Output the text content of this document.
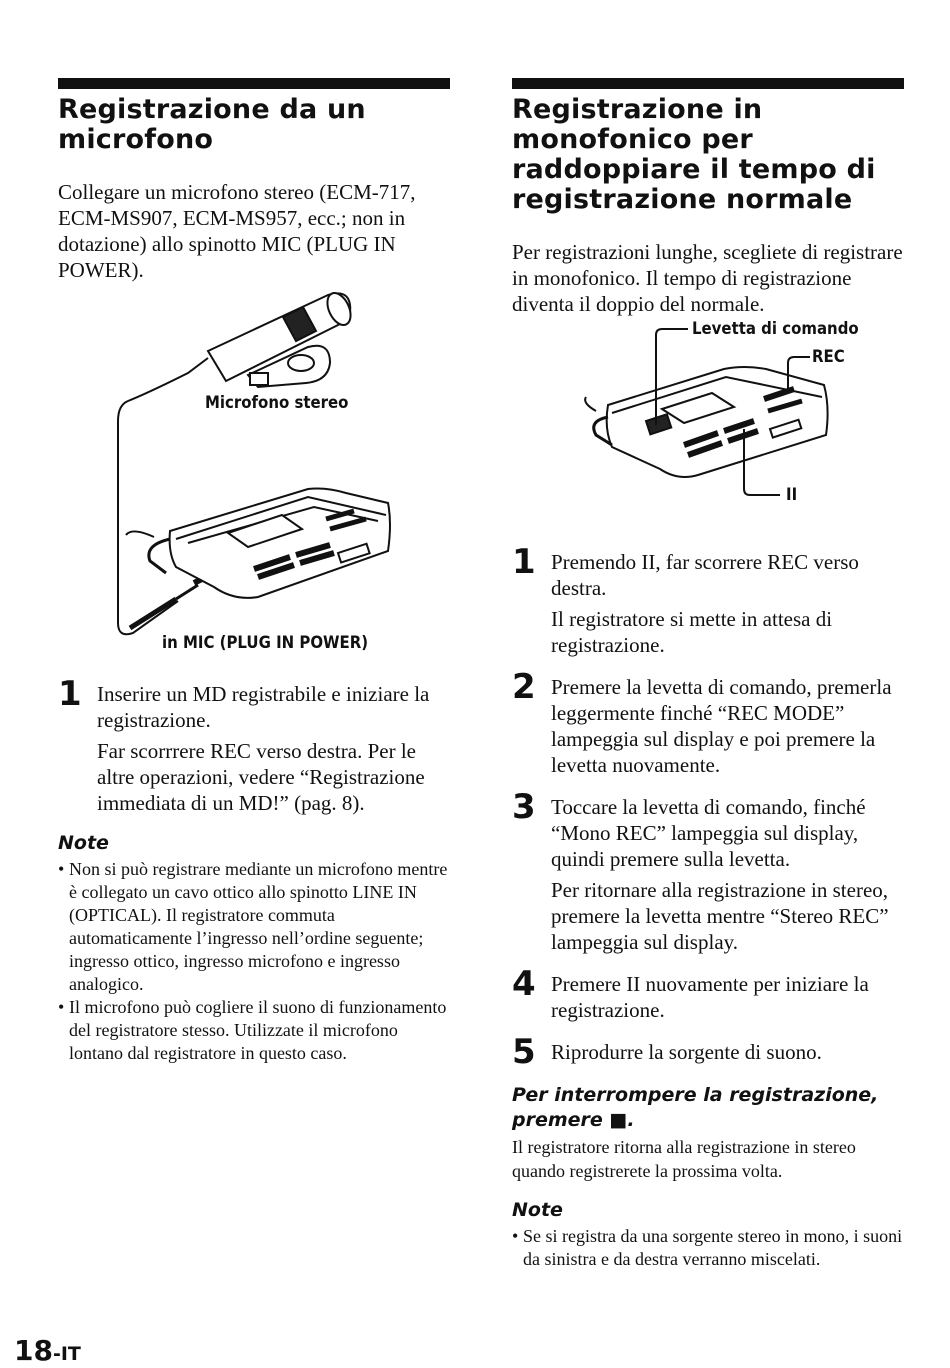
Registrazione da un microfono

Collegare un microfono stereo (ECM-717, ECM-MS907, ECM-MS957, ecc.; non in dotazione) allo spinotto MIC (PLUG IN POWER).

Microfono stereo
in MIC (PLUG IN POWER)
1 Inserire un MD registrabile e iniziare la registrazione.

Far scorrrere REC verso destra. Per le altre operazioni, vedere “Registrazione immediata di un MD!” (pag. 8).

Note

• Non si può registrare mediante un microfono mentre è collegato un cavo ottico allo spinotto LINE IN (OPTICAL). Il registratore commuta automaticamente l’ingresso nell’ordine seguente; ingresso ottico, ingresso microfono e ingresso analogico.
• Il microfono può cogliere il suono di funzionamento del registratore stesso. Utilizzate il microfono lontano dal registratore in questo caso.
Registrazione in monofonico per raddoppiare il tempo di registrazione normale

Per registrazioni lunghe, scegliete di registrare in monofonico. Il tempo di registrazione diventa il doppio del normale.

Levetta di comando
REC
II
1 Premendo II, far scorrere REC verso destra.

Il registratore si mette in attesa di registrazione.

2 Premere la levetta di comando, premerla leggermente finché “REC MODE” lampeggia sul display e poi premere la levetta nuovamente.

3 Toccare la levetta di comando, finché “Mono REC” lampeggia sul display, quindi premere sulla levetta.

Per ritornare alla registrazione in stereo, premere la levetta mentre “Stereo REC” lampeggia sul display.

4 Premere II nuovamente per iniziare la registrazione.

5 Riprodurre la sorgente di suono.

Per interrompere la registrazione, premere ■.

Il registratore ritorna alla registrazione in stereo quando registrerete la prossima volta.

Note

• Se si registra da una sorgente stereo in mono, i suoni da sinistra e da destra verranno miscelati.
18-IT
